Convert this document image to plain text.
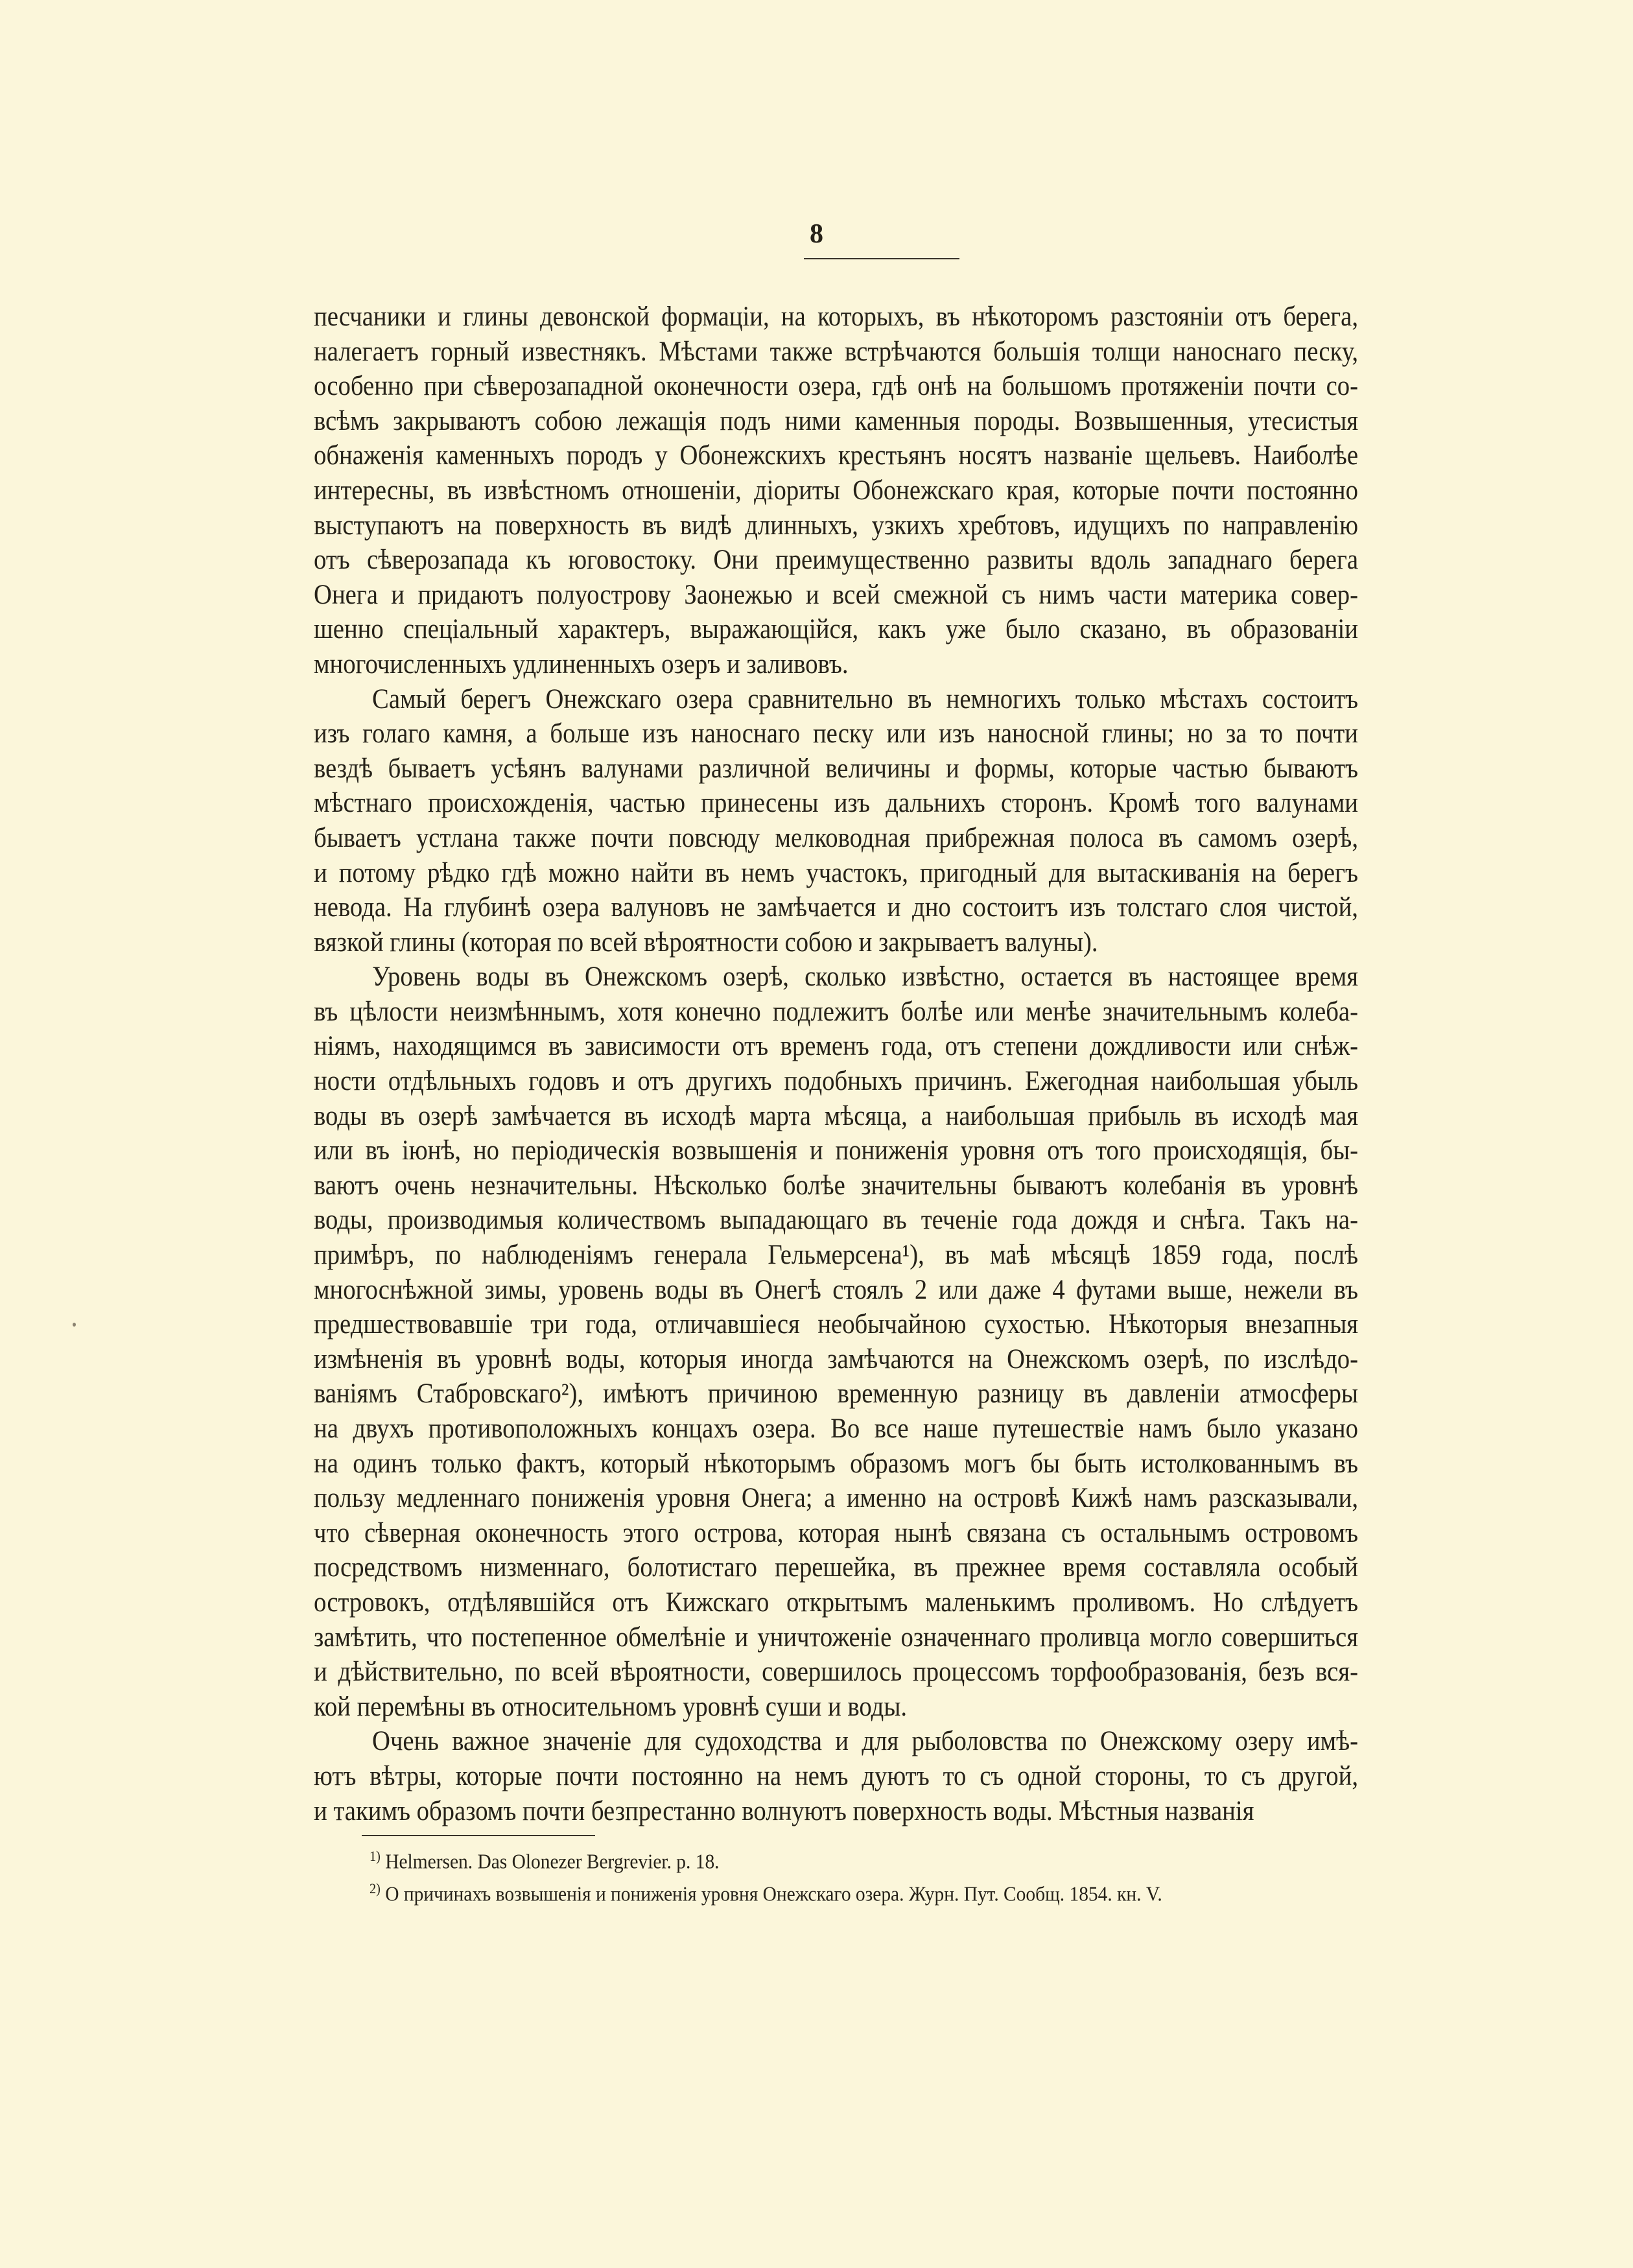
8
песчаники и глины девонской формаціи, на которыхъ, въ нѣкоторомъ разстояніи отъ берега,
налегаетъ горный известнякъ. Мѣстами также встрѣчаются большія толщи наноснаго песку,
особенно при сѣверозападной оконечности озера, гдѣ онѣ на большомъ протяженіи почти со-
всѣмъ закрываютъ собою лежащія подъ ними каменныя породы. Возвышенныя, утесистыя
обнаженія каменныхъ породъ у Обонежскихъ крестьянъ носятъ названіе щельевъ. Наиболѣе
интересны, въ извѣстномъ отношеніи, діориты Обонежскаго края, которые почти постоянно
выступаютъ на поверхность въ видѣ длинныхъ, узкихъ хребтовъ, идущихъ по направленію
отъ сѣверозапада къ юговостоку. Они преимущественно развиты вдоль западнаго берега
Онега и придаютъ полуострову Заонежью и всей смежной съ нимъ части материка совер-
шенно спеціальный характеръ, выражающійся, какъ уже было сказано, въ образованіи
многочисленныхъ удлиненныхъ озеръ и заливовъ.
Самый берегъ Онежскаго озера сравнительно въ немногихъ только мѣстахъ состоитъ
изъ голаго камня, а больше изъ наноснаго песку или изъ наносной глины; но за то почти
вездѣ бываетъ усѣянъ валунами различной величины и формы, которые частью бываютъ
мѣстнаго происхожденія, частью принесены изъ дальнихъ сторонъ. Кромѣ того валунами
бываетъ устлана также почти повсюду мелководная прибрежная полоса въ самомъ озерѣ,
и потому рѣдко гдѣ можно найти въ немъ участокъ, пригодный для вытаскиванія на берегъ
невода. На глубинѣ озера валуновъ не замѣчается и дно состоитъ изъ толстаго слоя чистой,
вязкой глины (которая по всей вѣроятности собою и закрываетъ валуны).
Уровень воды въ Онежскомъ озерѣ, сколько извѣстно, остается въ настоящее время
въ цѣлости неизмѣннымъ, хотя конечно подлежитъ болѣе или менѣе значительнымъ колеба-
ніямъ, находящимся въ зависимости отъ временъ года, отъ степени дождливости или снѣж-
ности отдѣльныхъ годовъ и отъ другихъ подобныхъ причинъ. Ежегодная наибольшая убыль
воды въ озерѣ замѣчается въ исходѣ марта мѣсяца, а наибольшая прибыль въ исходѣ мая
или въ іюнѣ, но періодическія возвышенія и пониженія уровня отъ того происходящія, бы-
ваютъ очень незначительны. Нѣсколько болѣе значительны бываютъ колебанія въ уровнѣ
воды, производимыя количествомъ выпадающаго въ теченіе года дождя и снѣга. Такъ на-
примѣръ, по наблюденіямъ генерала Гельмерсена¹), въ маѣ мѣсяцѣ 1859 года, послѣ
многоснѣжной зимы, уровень воды въ Онегѣ стоялъ 2 или даже 4 футами выше, нежели въ
предшествовавшіе три года, отличавшіеся необычайною сухостью. Нѣкоторыя внезапныя
измѣненія въ уровнѣ воды, которыя иногда замѣчаются на Онежскомъ озерѣ, по изслѣдо-
ваніямъ Стабровскаго²), имѣютъ причиною временную разницу въ давленіи атмосферы
на двухъ противоположныхъ концахъ озера. Во все наше путешествіе намъ было указано
на одинъ только фактъ, который нѣкоторымъ образомъ могъ бы быть истолкованнымъ въ
пользу медленнаго пониженія уровня Онега; а именно на островѣ Кижѣ намъ разсказывали,
что сѣверная оконечность этого острова, которая нынѣ связана съ остальнымъ островомъ
посредствомъ низменнаго, болотистаго перешейка, въ прежнее время составляла особый
островокъ, отдѣлявшійся отъ Кижскаго открытымъ маленькимъ проливомъ. Но слѣдуетъ
замѣтить, что постепенное обмелѣніе и уничтоженіе означеннаго проливца могло совершиться
и дѣйствительно, по всей вѣроятности, совершилось процессомъ торфообразованія, безъ вся-
кой перемѣны въ относительномъ уровнѣ суши и воды.
Очень важное значеніе для судоходства и для рыболовства по Онежскому озеру имѣ-
ютъ вѣтры, которые почти постоянно на немъ дуютъ то съ одной стороны, то съ другой,
и такимъ образомъ почти безпрестанно волнуютъ поверхность воды. Мѣстныя названія
$^{1)}$ Helmersen. Das Olonezer Bergrevier. p. 18.
$^{2)}$ О причинахъ возвышенія и пониженія уровня Онежскаго озера. Журн. Пут. Сообщ. 1854. кн. V.
